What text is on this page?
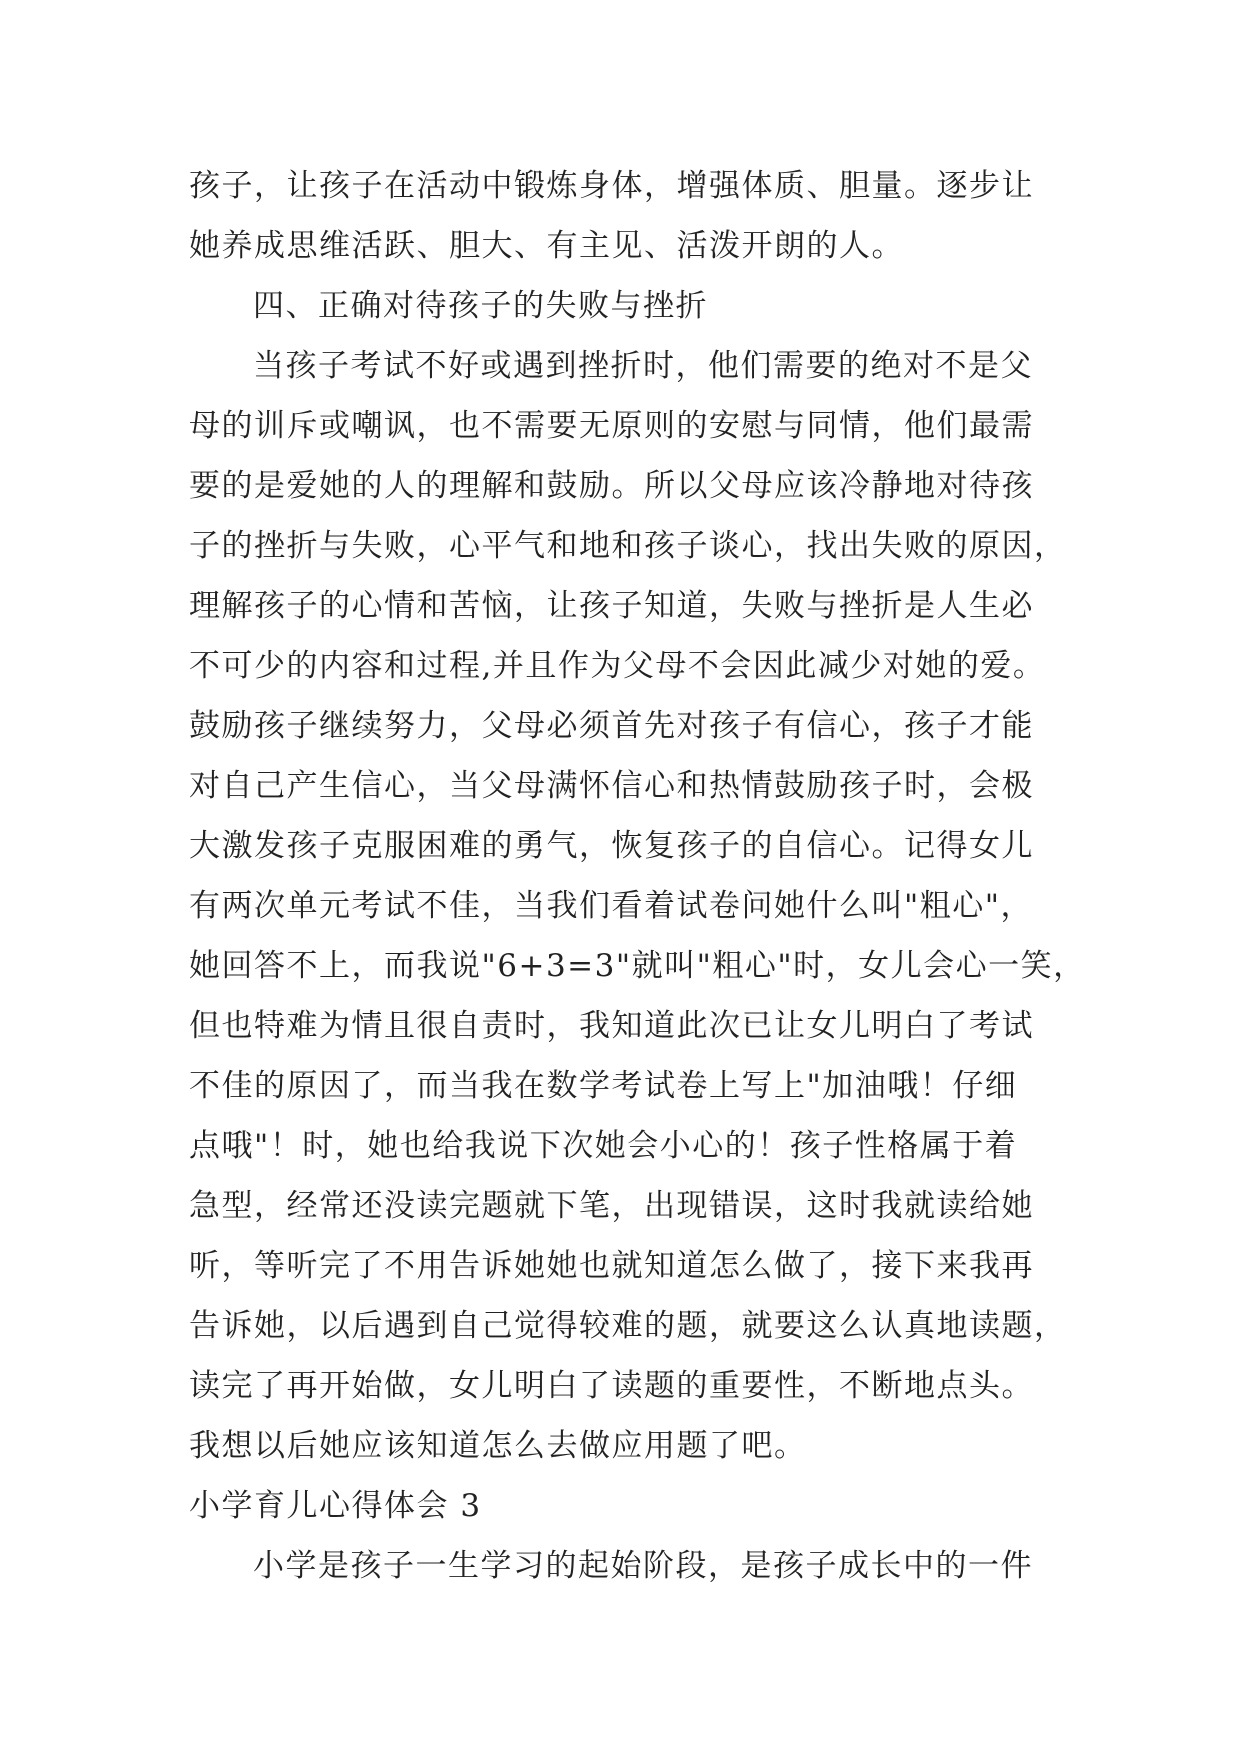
孩子，让孩子在活动中锻炼身体，增强体质、胆量。逐步让
她养成思维活跃、胆大、有主见、活泼开朗的人。
四、正确对待孩子的失败与挫折
当孩子考试不好或遇到挫折时，他们需要的绝对不是父
母的训斥或嘲讽，也不需要无原则的安慰与同情，他们最需
要的是爱她的人的理解和鼓励。所以父母应该冷静地对待孩
子的挫折与失败，心平气和地和孩子谈心，找出失败的原因，
理解孩子的心情和苦恼，让孩子知道，失败与挫折是人生必
不可少的内容和过程,并且作为父母不会因此减少对她的爱。
鼓励孩子继续努力，父母必须首先对孩子有信心，孩子才能
对自己产生信心，当父母满怀信心和热情鼓励孩子时，会极
大激发孩子克服困难的勇气，恢复孩子的自信心。记得女儿
有两次单元考试不佳，当我们看着试卷问她什么叫"粗心"，
她回答不上，而我说"6+3=3"就叫"粗心"时，女儿会心一笑，
但也特难为情且很自责时，我知道此次已让女儿明白了考试
不佳的原因了，而当我在数学考试卷上写上"加油哦！仔细
点哦"！时，她也给我说下次她会小心的！孩子性格属于着
急型，经常还没读完题就下笔，出现错误，这时我就读给她
听，等听完了不用告诉她她也就知道怎么做了，接下来我再
告诉她，以后遇到自己觉得较难的题，就要这么认真地读题，
读完了再开始做，女儿明白了读题的重要性，不断地点头。
我想以后她应该知道怎么去做应用题了吧。
小学育儿心得体会 3
小学是孩子一生学习的起始阶段，是孩子成长中的一件
